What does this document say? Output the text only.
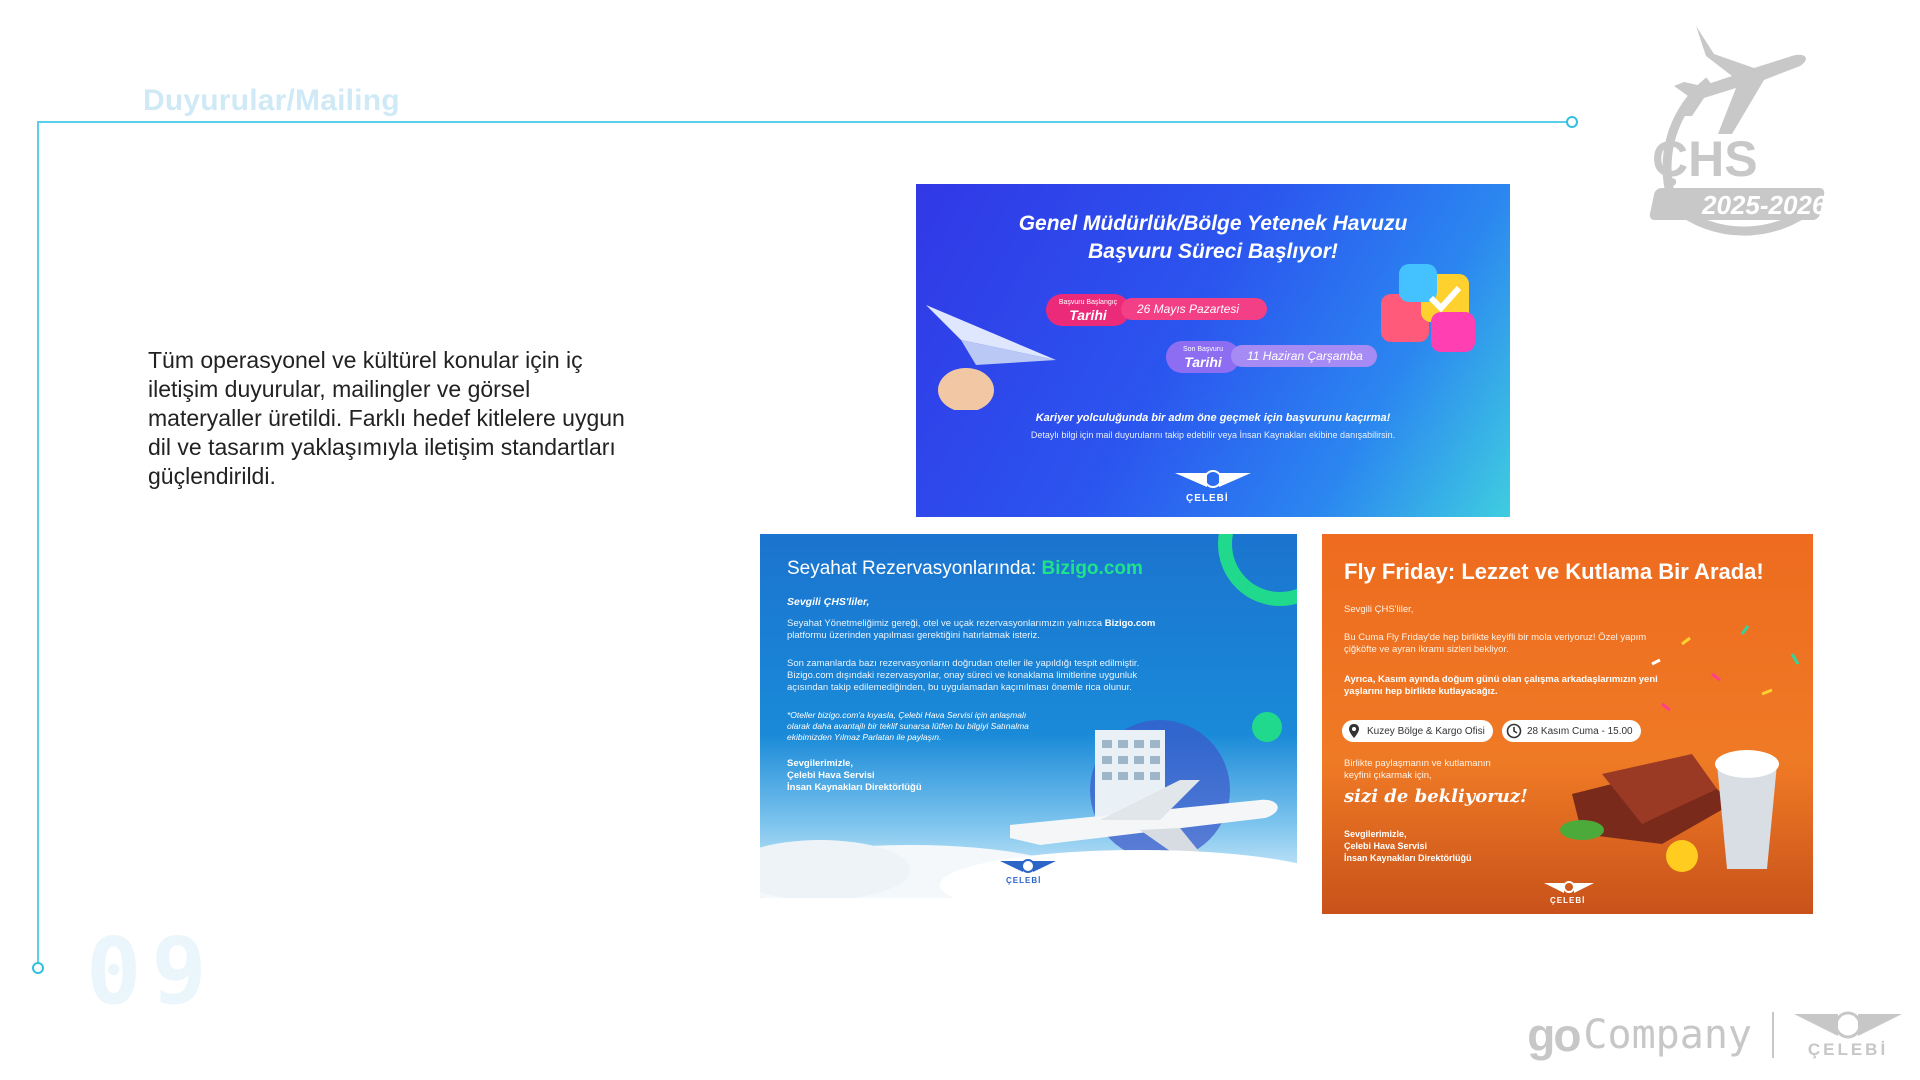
Duyurular/Mailing
09
Tüm operasyonel ve kültürel konular için iç iletişim duyurular, mailingler ve görsel materyaller üretildi. Farklı hedef kitlelere uygun dil ve tasarım yaklaşımıyla iletişim standartları güçlendirildi.
ÇHS
2025-2026
Genel Müdürlük/Bölge Yetenek Havuzu
Başvuru Süreci Başlıyor!
Başvuru Başlangıç
Tarihi	26 Mayıs Pazartesi
Son Başvuru
Tarihi	11 Haziran Çarşamba
Kariyer yolculuğunda bir adım öne geçmek için başvurunu kaçırma!
Detaylı bilgi için mail duyurularını takip edebilir veya İnsan Kaynakları ekibine danışabilirsin.
ÇELEBİ
Seyahat Rezervasyonlarında: Bizigo.com
Sevgili ÇHS'liler,
Seyahat Yönetmeliğimiz gereği, otel ve uçak rezervasyonlarımızın yalnızca Bizigo.com platformu üzerinden yapılması gerektiğini hatırlatmak isteriz.
Son zamanlarda bazı rezervasyonların doğrudan oteller ile yapıldığı tespit edilmiştir. Bizigo.com dışındaki rezervasyonlar, onay süreci ve konaklama limitlerine uygunluk açısından takip edilemediğinden, bu uygulamadan kaçınılması önemle rica olunur.
*Oteller bizigo.com'a kıyasla, Çelebi Hava Servisi için anlaşmalı olarak daha avantajlı bir teklif sunarsa lütfen bu bilgiyi Satınalma ekibimizden Yılmaz Parlatan ile paylaşın.
Sevgilerimizle,
Çelebi Hava Servisi
İnsan Kaynakları Direktörlüğü
ÇELEBİ
Fly Friday: Lezzet ve Kutlama Bir Arada!
Sevgili ÇHS'liler,
Bu Cuma Fly Friday'de hep birlikte keyifli bir mola veriyoruz! Özel yapım çiğköfte ve ayran ikramı sizleri bekliyor.
Ayrıca, Kasım ayında doğum günü olan çalışma arkadaşlarımızın yeni yaşlarını hep birlikte kutlayacağız.
Kuzey Bölge & Kargo Ofisi	28 Kasım Cuma - 15.00
Birlikte paylaşmanın ve kutlamanın keyfini çıkarmak için,
sizi de bekliyoruz!
Sevgilerimizle,
Çelebi Hava Servisi
İnsan Kaynakları Direktörlüğü
ÇELEBİ
go Company	ÇELEBİ
